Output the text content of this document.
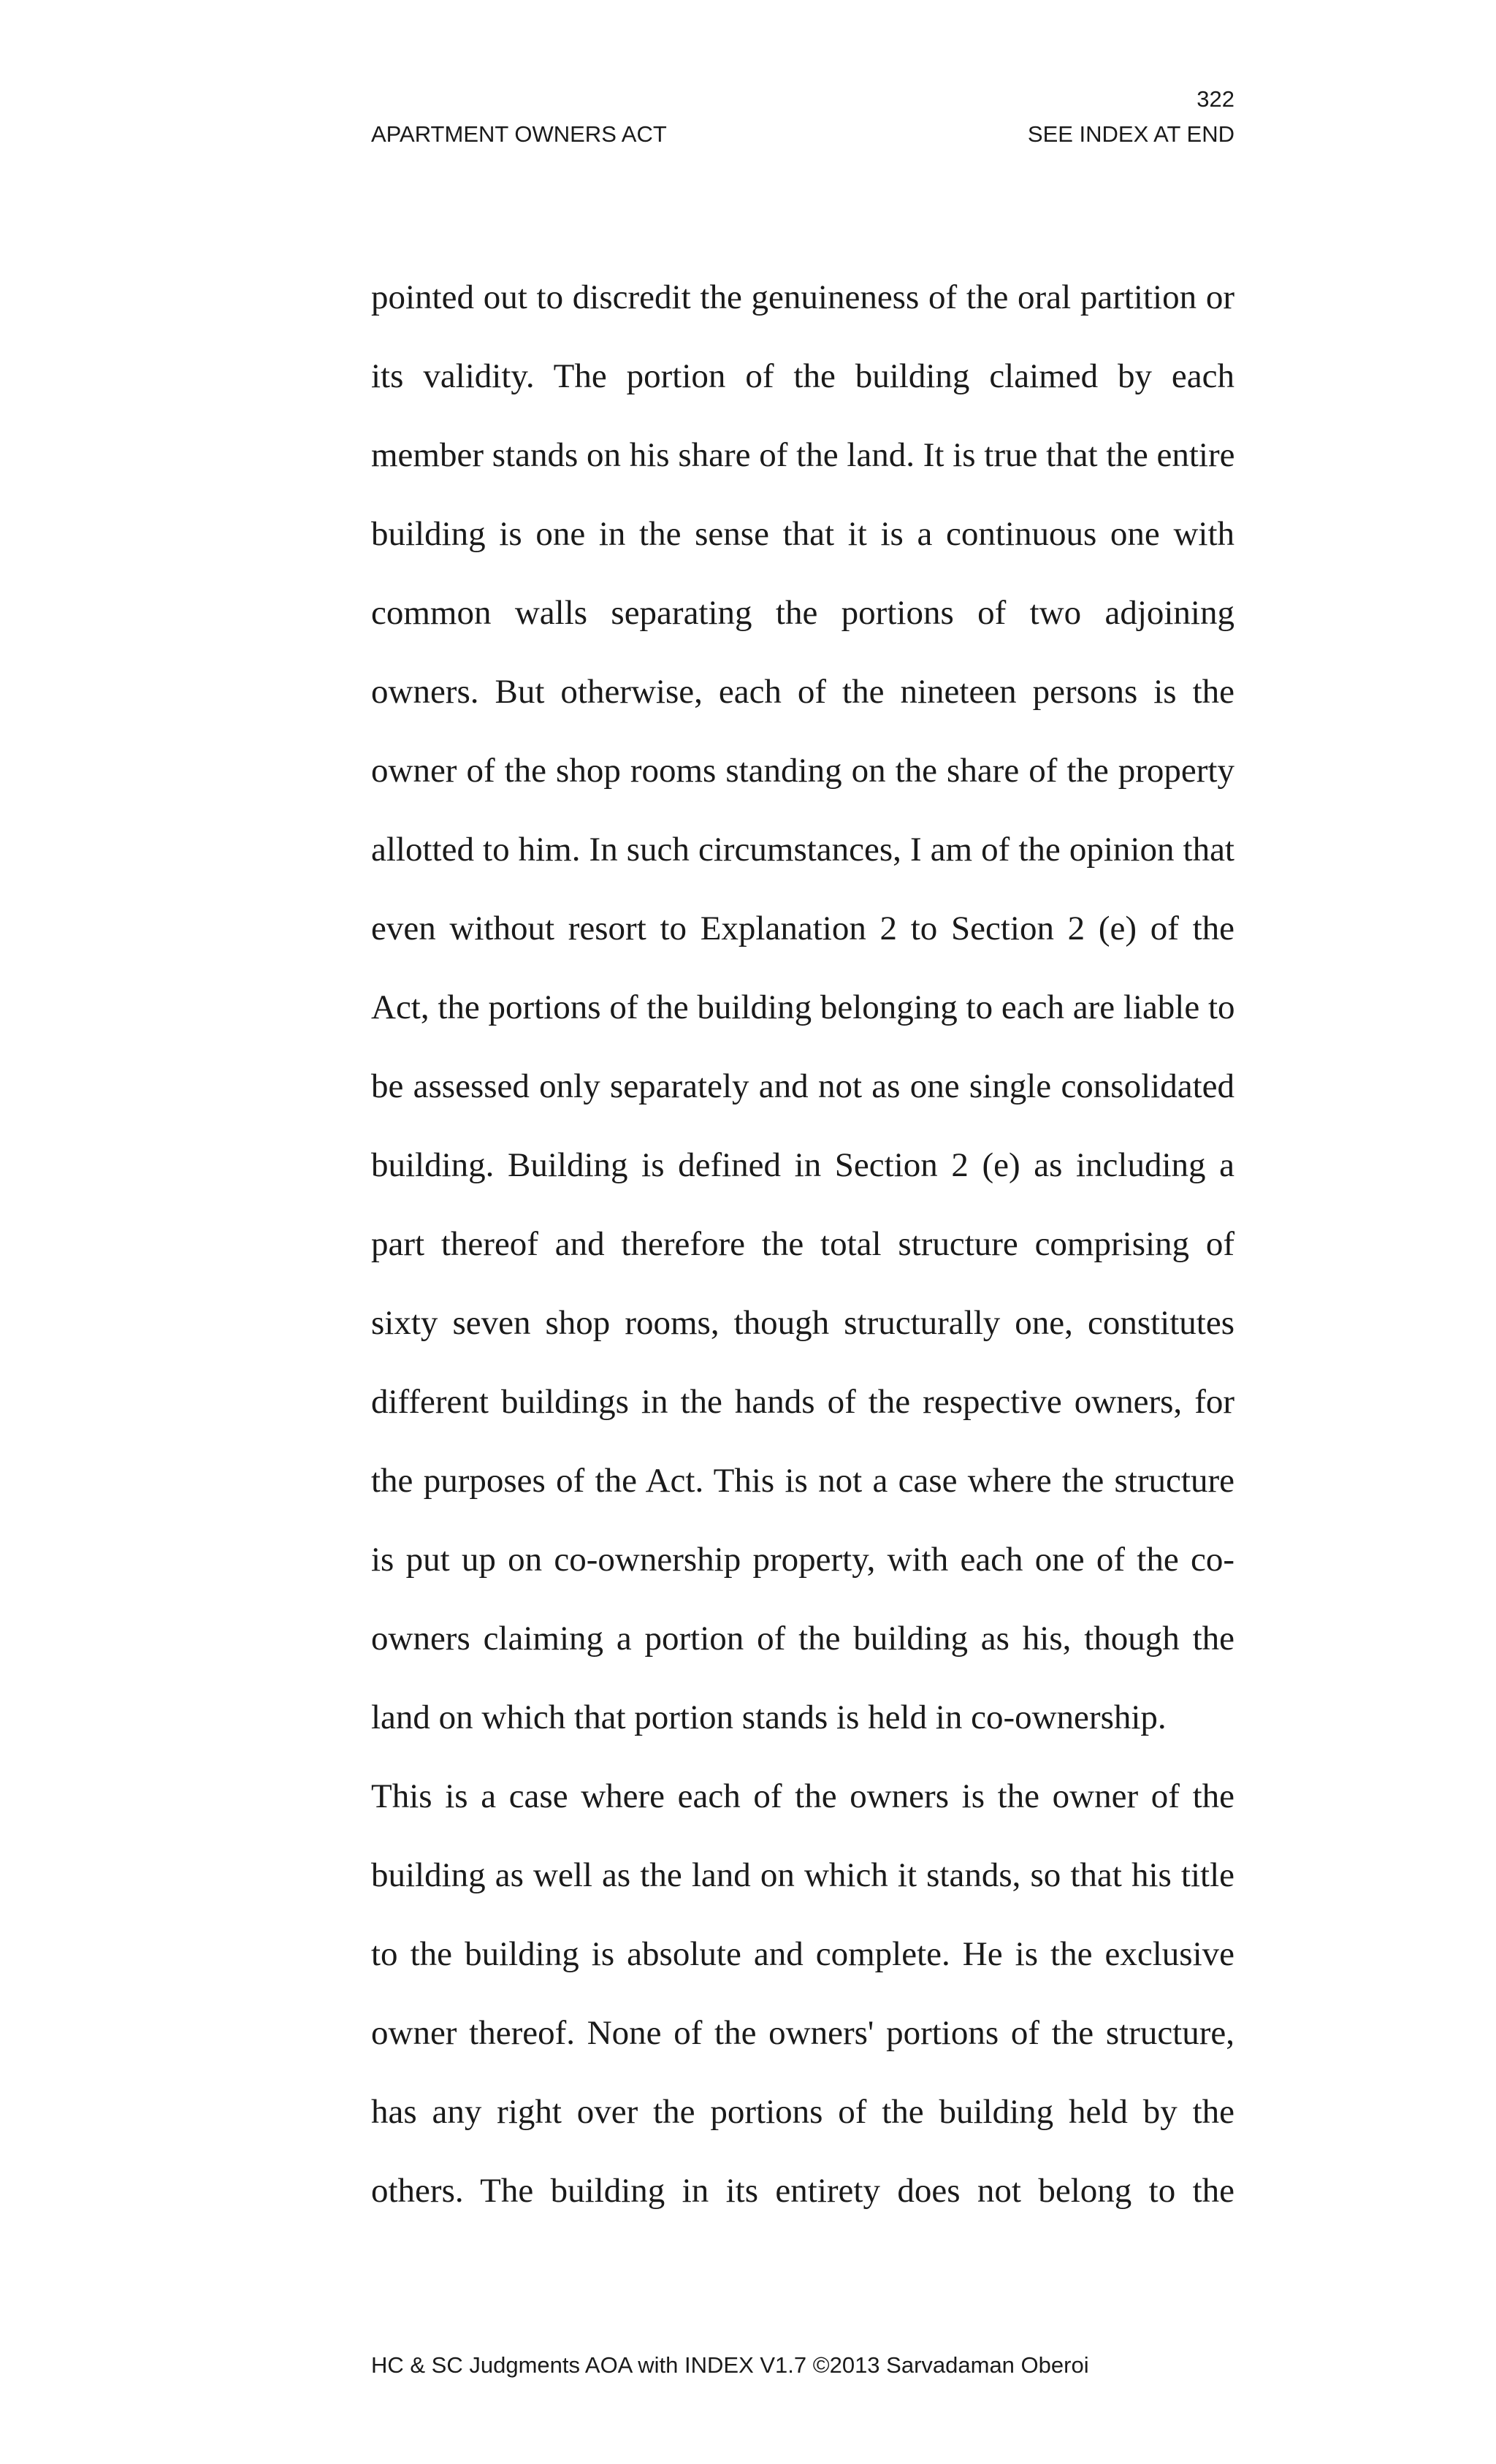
322
APARTMENT OWNERS ACT	SEE INDEX AT END
pointed out to discredit the genuineness of the oral partition or
its validity. The portion of the building claimed by each
member stands on his share of the land. It is true that the entire
building is one in the sense that it is a continuous one with
common walls separating the portions of two adjoining
owners. But otherwise, each of the nineteen persons is the
owner of the shop rooms standing on the share of the property
allotted to him. In such circumstances, I am of the opinion that
even without resort to Explanation 2 to Section 2 (e) of the
Act, the portions of the building belonging to each are liable to
be assessed only separately and not as one single consolidated
building. Building is defined in Section 2 (e) as including a
part thereof and therefore the total structure comprising of
sixty seven shop rooms, though structurally one, constitutes
different buildings in the hands of the respective owners, for
the purposes of the Act. This is not a case where the structure
is put up on co-ownership property, with each one of the co-
owners claiming a portion of the building as his, though the
land on which that portion stands is held in co-ownership.
This is a case where each of the owners is the owner of the
building as well as the land on which it stands, so that his title
to the building is absolute and complete. He is the exclusive
owner thereof. None of the owners' portions of the structure,
has any right over the portions of the building held by the
others. The building in its entirety does not belong to the
HC & SC Judgments AOA with INDEX V1.7 ©2013 Sarvadaman Oberoi
